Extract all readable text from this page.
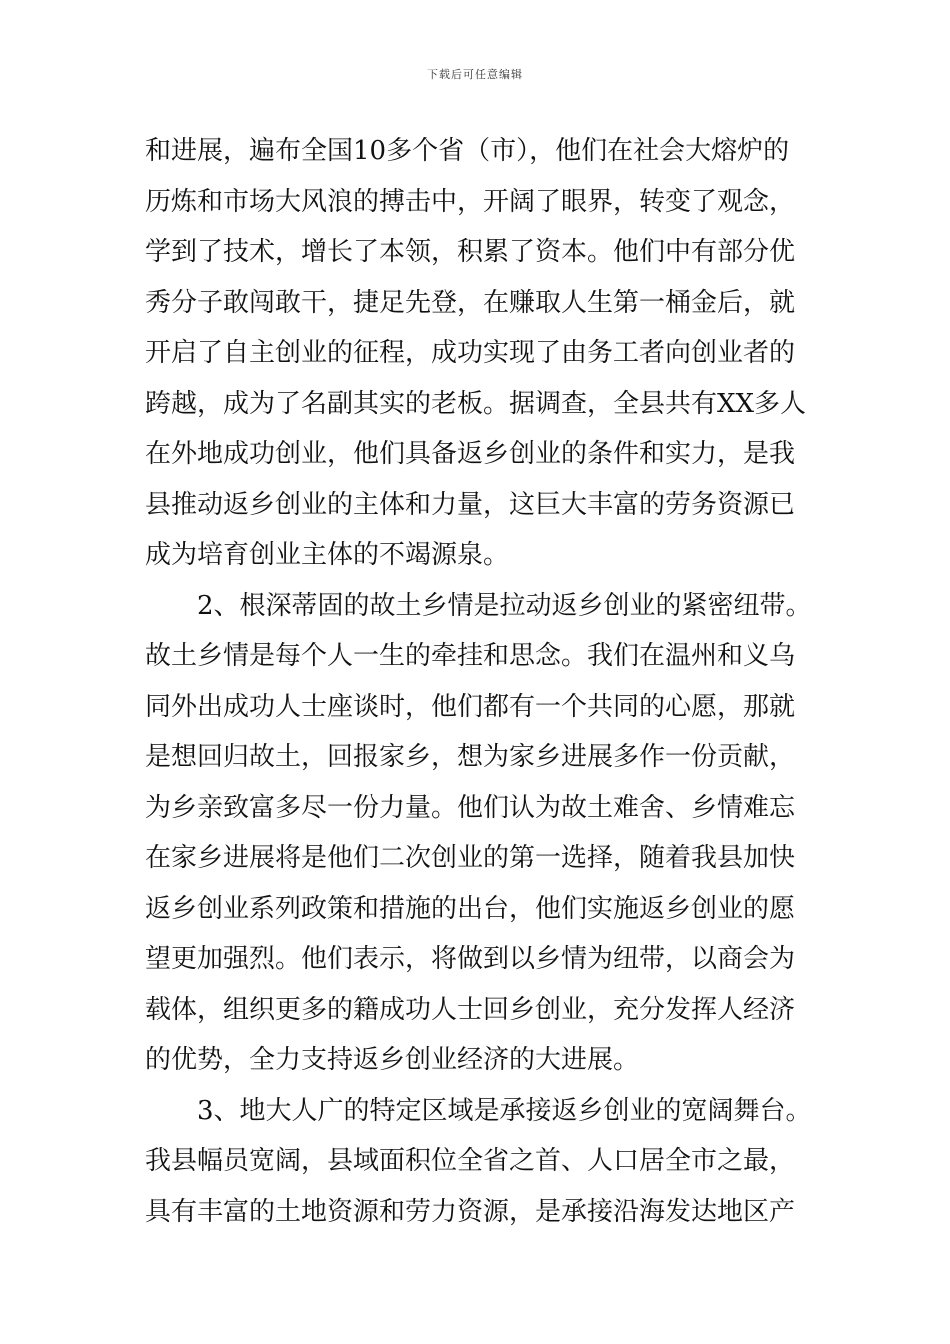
下载后可任意编辑
和进展，遍布全国10多个省（市），他们在社会大熔炉的
历炼和市场大风浪的搏击中，开阔了眼界，转变了观念，
学到了技术，增长了本领，积累了资本。他们中有部分优
秀分子敢闯敢干，捷足先登，在赚取人生第一桶金后，就
开启了自主创业的征程，成功实现了由务工者向创业者的
跨越，成为了名副其实的老板。据调查，全县共有XX多人
在外地成功创业，他们具备返乡创业的条件和实力，是我
县推动返乡创业的主体和力量，这巨大丰富的劳务资源已
成为培育创业主体的不竭源泉。
　　2、根深蒂固的故土乡情是拉动返乡创业的紧密纽带。
故土乡情是每个人一生的牵挂和思念。我们在温州和义乌
同外出成功人士座谈时，他们都有一个共同的心愿，那就
是想回归故土，回报家乡，想为家乡进展多作一份贡献，
为乡亲致富多尽一份力量。他们认为故土难舍、乡情难忘
在家乡进展将是他们二次创业的第一选择，随着我县加快
返乡创业系列政策和措施的出台，他们实施返乡创业的愿
望更加强烈。他们表示，将做到以乡情为纽带，以商会为
载体，组织更多的籍成功人士回乡创业，充分发挥人经济
的优势，全力支持返乡创业经济的大进展。
　　3、地大人广的特定区域是承接返乡创业的宽阔舞台。
我县幅员宽阔，县域面积位全省之首、人口居全市之最，
具有丰富的土地资源和劳力资源，是承接沿海发达地区产
